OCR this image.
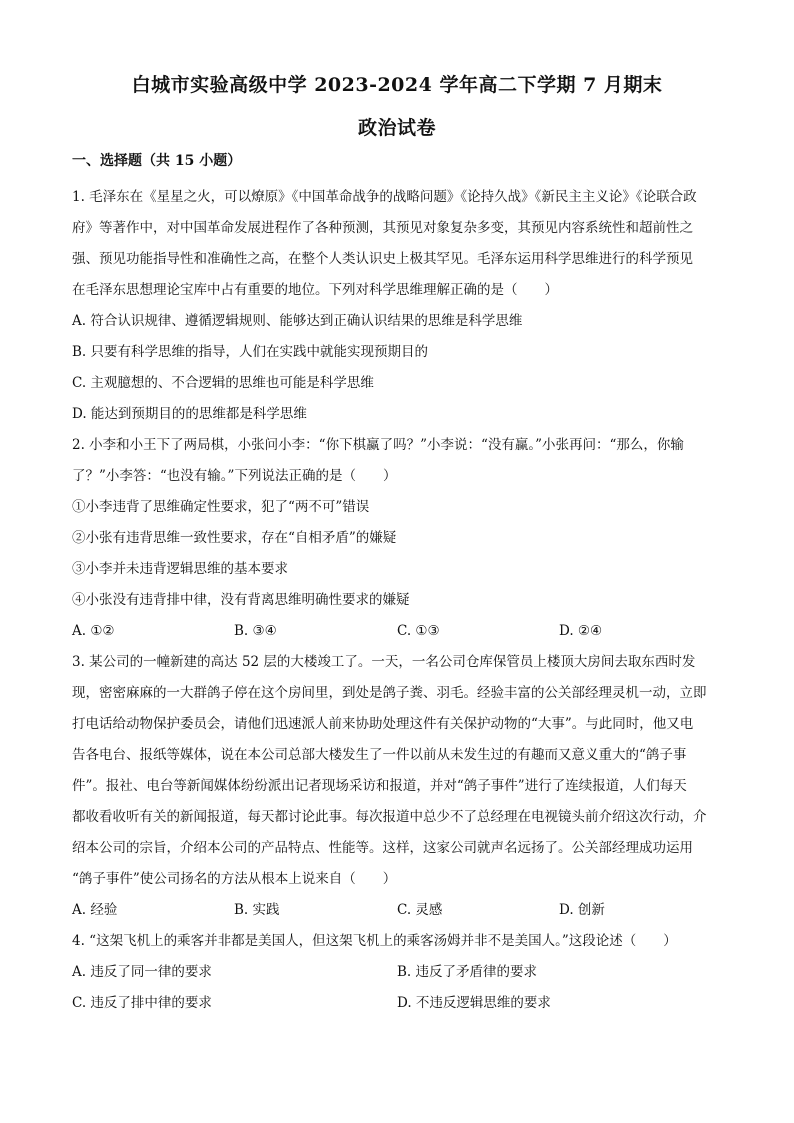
白城市实验高级中学 2023-2024 学年高二下学期 7 月期末
政治试卷
一、选择题（共 15 小题）
1. 毛泽东在《星星之火，可以燎原》《中国革命战争的战略问题》《论持久战》《新民主主义论》《论联合政
府》等著作中，对中国革命发展进程作了各种预测，其预见对象复杂多变，其预见内容系统性和超前性之
强、预见功能指导性和准确性之高，在整个人类认识史上极其罕见。毛泽东运用科学思维进行的科学预见
在毛泽东思想理论宝库中占有重要的地位。下列对科学思维理解正确的是（　　）
A. 符合认识规律、遵循逻辑规则、能够达到正确认识结果的思维是科学思维
B. 只要有科学思维的指导，人们在实践中就能实现预期目的
C. 主观臆想的、不合逻辑的思维也可能是科学思维
D. 能达到预期目的的思维都是科学思维
2. 小李和小王下了两局棋，小张问小李：“你下棋赢了吗？”小李说：“没有赢。”小张再问：“那么，你输
了？”小李答：“也没有输。”下列说法正确的是（　　）
①小李违背了思维确定性要求，犯了“两不可”错误
②小张有违背思维一致性要求，存在“自相矛盾”的嫌疑
③小李并未违背逻辑思维的基本要求
④小张没有违背排中律，没有背离思维明确性要求的嫌疑
A. ①②	B. ③④	C. ①③	D. ②④
3. 某公司的一幢新建的高达 52 层的大楼竣工了。一天，一名公司仓库保管员上楼顶大房间去取东西时发
现，密密麻麻的一大群鸽子停在这个房间里，到处是鸽子粪、羽毛。经验丰富的公关部经理灵机一动，立即
打电话给动物保护委员会，请他们迅速派人前来协助处理这件有关保护动物的“大事”。与此同时，他又电
告各电台、报纸等媒体，说在本公司总部大楼发生了一件以前从未发生过的有趣而又意义重大的“鸽子事
件”。报社、电台等新闻媒体纷纷派出记者现场采访和报道，并对“鸽子事件”进行了连续报道，人们每天
都收看收听有关的新闻报道，每天都讨论此事。每次报道中总少不了总经理在电视镜头前介绍这次行动，介
绍本公司的宗旨，介绍本公司的产品特点、性能等。这样，这家公司就声名远扬了。公关部经理成功运用
“鸽子事件”使公司扬名的方法从根本上说来自（　　）
A. 经验	B. 实践	C. 灵感	D. 创新
4. “这架飞机上的乘客并非都是美国人，但这架飞机上的乘客汤姆并非不是美国人。”这段论述（　　）
A. 违反了同一律的要求	B. 违反了矛盾律的要求
C. 违反了排中律的要求	D. 不违反逻辑思维的要求
